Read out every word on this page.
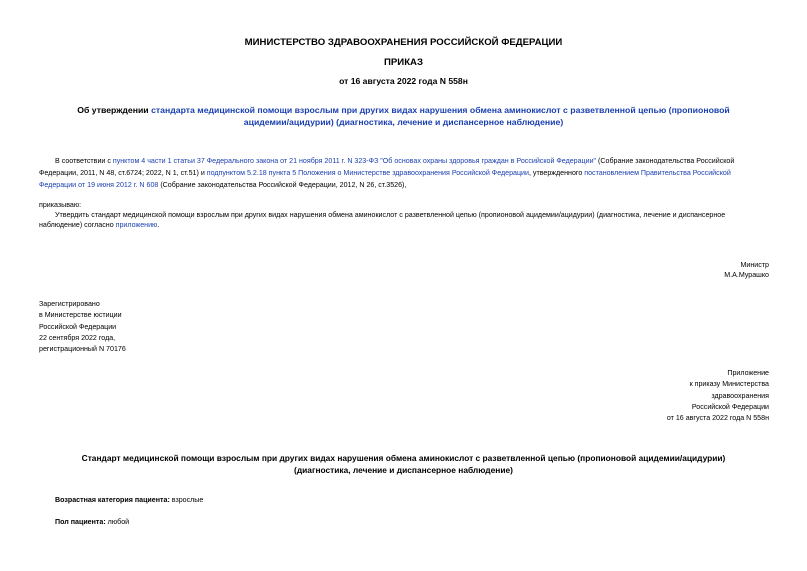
МИНИСТЕРСТВО ЗДРАВООХРАНЕНИЯ РОССИЙСКОЙ ФЕДЕРАЦИИ
ПРИКАЗ
от 16 августа 2022 года N 558н
Об утверждении стандарта медицинской помощи взрослым при других видах нарушения обмена аминокислот с разветвленной цепью (пропионовой
ацидемии/ацидурии) (диагностика, лечение и диспансерное наблюдение)
В соответствии с пунктом 4 части 1 статьи 37 Федерального закона от 21 ноября 2011 г. N 323-ФЗ "Об основах охраны здоровья граждан в Российской Федерации" (Собрание законодательства Российской
Федерации, 2011, N 48, ст.6724; 2022, N 1, ст.51) и подпунктом 5.2.18 пункта 5 Положения о Министерстве здравоохранения Российской Федерации, утвержденного постановлением Правительства Российской
Федерации от 19 июня 2012 г. N 608 (Собрание законодательства Российской Федерации, 2012, N 26, ст.3526),
приказываю:
Утвердить стандарт медицинской помощи взрослым при других видах нарушения обмена аминокислот с разветвленной цепью (пропионовой ацидемии/ацидурии) (диагностика, лечение и диспансерное
наблюдение) согласно приложению.
Министр
М.А.Мурашко
Зарегистрировано
в Министерстве юстиции
Российской Федерации
22 сентября 2022 года,
регистрационный N 70176
Приложение
к приказу Министерства
здравоохранения
Российской Федерации
от 16 августа 2022 года N 558н
Стандарт медицинской помощи взрослым при других видах нарушения обмена аминокислот с разветвленной цепью (пропионовой ацидемии/ацидурии)
(диагностика, лечение и диспансерное наблюдение)
Возрастная категория пациента: взрослые
Пол пациента: любой
